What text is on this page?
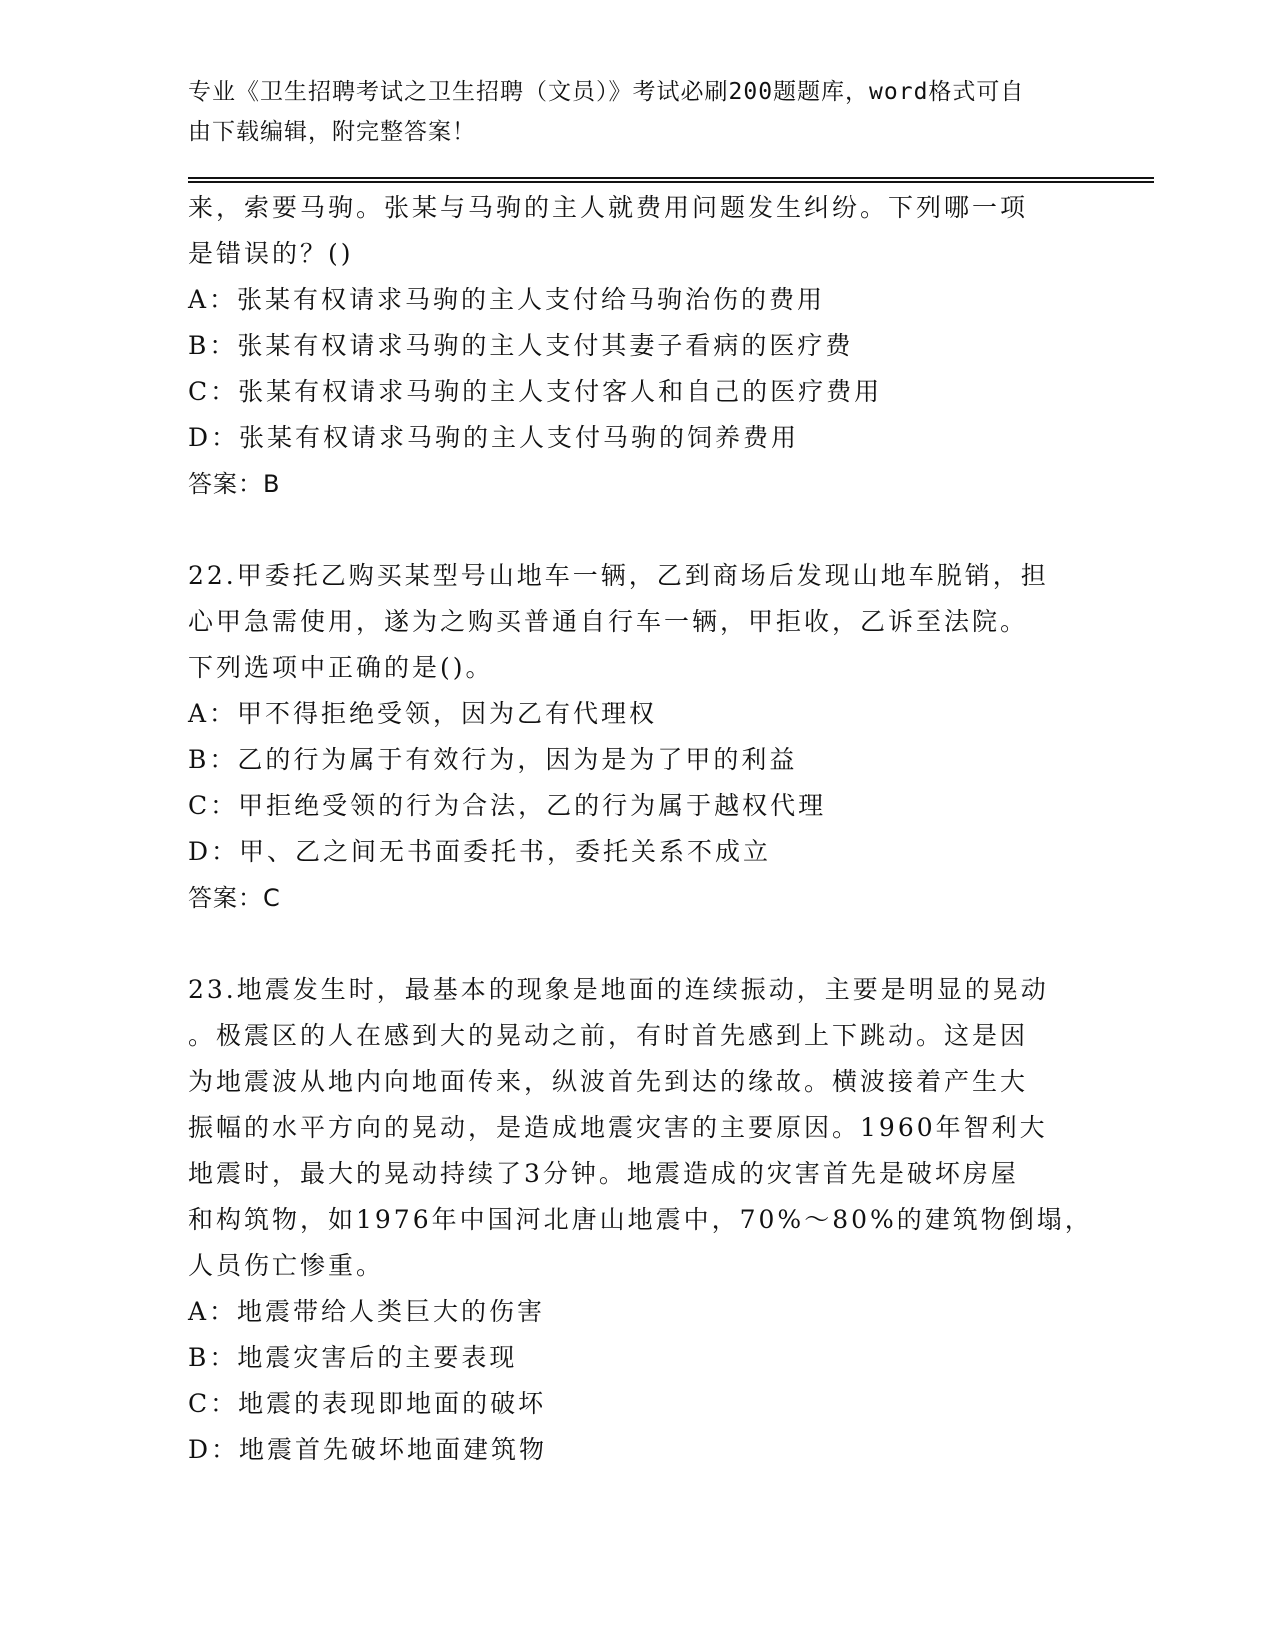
专业《卫生招聘考试之卫生招聘（文员）》考试必刷200题题库，word格式可自
由下载编辑，附完整答案！
来，索要马驹。张某与马驹的主人就费用问题发生纠纷。下列哪一项
是错误的？()
A：张某有权请求马驹的主人支付给马驹治伤的费用
B：张某有权请求马驹的主人支付其妻子看病的医疗费
C：张某有权请求马驹的主人支付客人和自己的医疗费用
D：张某有权请求马驹的主人支付马驹的饲养费用
答案：B
22.甲委托乙购买某型号山地车一辆，乙到商场后发现山地车脱销，担
心甲急需使用，遂为之购买普通自行车一辆，甲拒收，乙诉至法院。
下列选项中正确的是()。
A：甲不得拒绝受领，因为乙有代理权
B：乙的行为属于有效行为，因为是为了甲的利益
C：甲拒绝受领的行为合法，乙的行为属于越权代理
D：甲、乙之间无书面委托书，委托关系不成立
答案：C
23.地震发生时，最基本的现象是地面的连续振动，主要是明显的晃动
。极震区的人在感到大的晃动之前，有时首先感到上下跳动。这是因
为地震波从地内向地面传来，纵波首先到达的缘故。横波接着产生大
振幅的水平方向的晃动，是造成地震灾害的主要原因。1960年智利大
地震时，最大的晃动持续了3分钟。地震造成的灾害首先是破坏房屋
和构筑物，如1976年中国河北唐山地震中，70%～80%的建筑物倒塌，
人员伤亡惨重。
A：地震带给人类巨大的伤害
B：地震灾害后的主要表现
C：地震的表现即地面的破坏
D：地震首先破坏地面建筑物
